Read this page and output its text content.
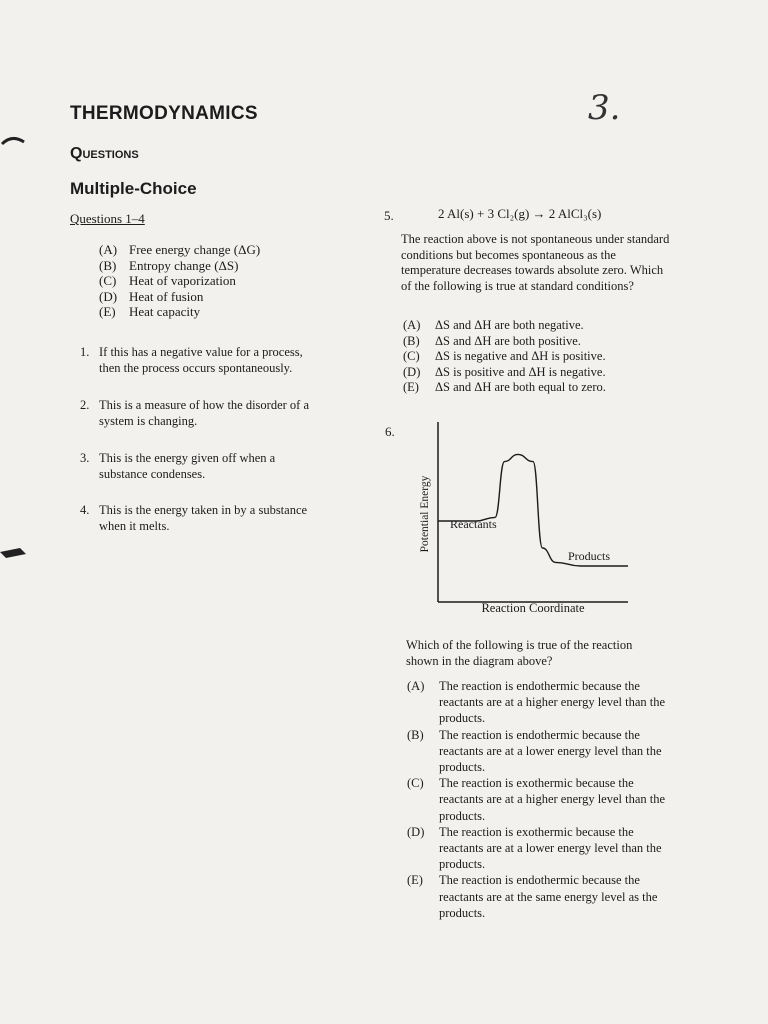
THERMODYNAMICS
Questions
Multiple-Choice
3.
Questions 1–4
(A) Free energy change (ΔG)
(B) Entropy change (ΔS)
(C) Heat of vaporization
(D) Heat of fusion
(E)	Heat capacity
1. If this has a negative value for a process,
then the process occurs spontaneously.
2. This is a measure of how the disorder of a
system is changing.
3. This is the energy given off when a
substance condenses.
4. This is the energy taken in by a substance
when it melts.
5.	2 Al(s) + 3 Cl₂(g) → 2 AlCl₃(s)
The reaction above is not spontaneous under standard conditions but becomes spontaneous as the temperature decreases towards absolute zero. Which of the following is true at standard conditions?
(A)	ΔS and ΔH are both negative.
(B)	ΔS and ΔH are both positive.
(C)	ΔS is negative and ΔH is positive.
(D)	ΔS is positive and ΔH is negative.
(E)	ΔS and ΔH are both equal to zero.
6.
Potential Energy
Reaction Coordinate
Reactants
Products
Which of the following is true of the reaction shown in the diagram above?
(A)	The reaction is endothermic because the reactants are at a higher energy level than the products.
(B)	The reaction is endothermic because the reactants are at a lower energy level than the products.
(C)	The reaction is exothermic because the reactants are at a higher energy level than the products.
(D)	The reaction is exothermic because the reactants are at a lower energy level than the products.
(E)	The reaction is endothermic because the reactants are at the same energy level as the products.
